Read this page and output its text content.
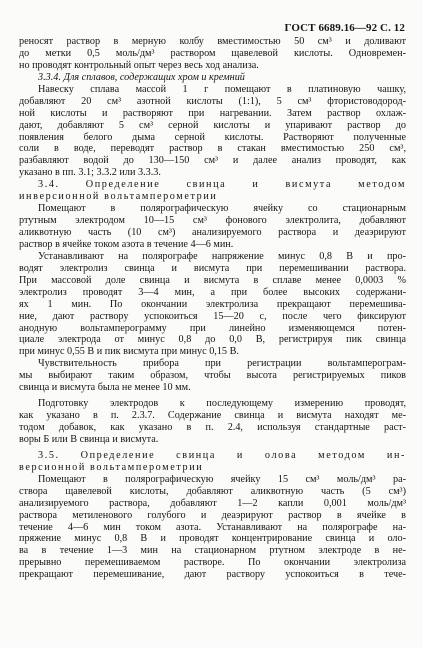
ГОСТ 6689.16—92 С. 12
реносят раствор в мерную колбу вместимостью 50 см³ и доливают
до метки 0,5 моль/дм³ раствором щавелевой кислоты. Одновремен-
но проводят контрольный опыт через весь ход анализа.
3.3.4. Для сплавов, содержащих хром и кремний
Навеску сплава массой 1 г помещают в платиновую чашку,
добавляют 20 см³ азотной кислоты (1:1), 5 см³ фтористоводород-
ной кислоты и растворяют при нагревании. Затем раствор охлаж-
дают, добавляют 5 см³ серной кислоты и упаривают раствор до
появления белого дыма серной кислоты. Растворяют полученные
соли в воде, переводят раствор в стакан вместимостью 250 см³,
разбавляют водой до 130—150 см³ и далее анализ проводят, как
указано в пп. 3.1; 3.3.2 или 3.3.3.
3.4. Определение свинца и висмута методом
инверсионной вольтамперометрии
Помещают в полярографическую ячейку со стационарным
ртутным электродом 10—15 см³ фонового электролита, добавляют
аликвотную часть (10 см³) анализируемого раствора и деаэрируют
раствор в ячейке током азота в течение 4—6 мин.
Устанавливают на полярографе напряжение минус 0,8 В и про-
водят электролиз свинца и висмута при перемешивании раствора.
При массовой доле свинца и висмута в сплаве менее 0,0003 %
электролиз проводят 3—4 мин, а при более высоких содержани-
ях 1 мин. По окончании электролиза прекращают перемешива-
ние, дают раствору успокоиться 15—20 с, после чего фиксируют
анодную вольтамперограмму при линейно изменяющемся потен-
циале электрода от минус 0,8 до 0,0 В, регистрируя пик свинца
при минус 0,55 В и пик висмута при минус 0,15 В.
Чувствительность прибора при регистрации вольтамперограм-
мы выбирают таким образом, чтобы высота регистрируемых пиков
свинца и висмута была не менее 10 мм.
Подготовку электродов к последующему измерению проводят,
как указано в п. 2.3.7. Содержание свинца и висмута находят ме-
тодом добавок, как указано в п. 2.4, используя стандартные раст-
воры Б или В свинца и висмута.
3.5. Определение свинца и олова методом ин-
версионной вольтамперометрии
Помещают в полярографическую ячейку 15 см³ моль/дм³ ра-
створа щавелевой кислоты, добавляют аликвотную часть (5 см³)
анализируемого раствора, добавляют 1—2 капли 0,001 моль/дм³
раствора метиленового голубого и деаэрируют раствор в ячейке в
течение 4—6 мин током азота. Устанавливают на полярографе на-
пряжение минус 0,8 В и проводят концентрирование свинца и оло-
ва в течение 1—3 мин на стационарном ртутном электроде в не-
прерывно перемешиваемом растворе. По окончании электролиза
прекращают перемешивание, дают раствору успокоиться в тече-
